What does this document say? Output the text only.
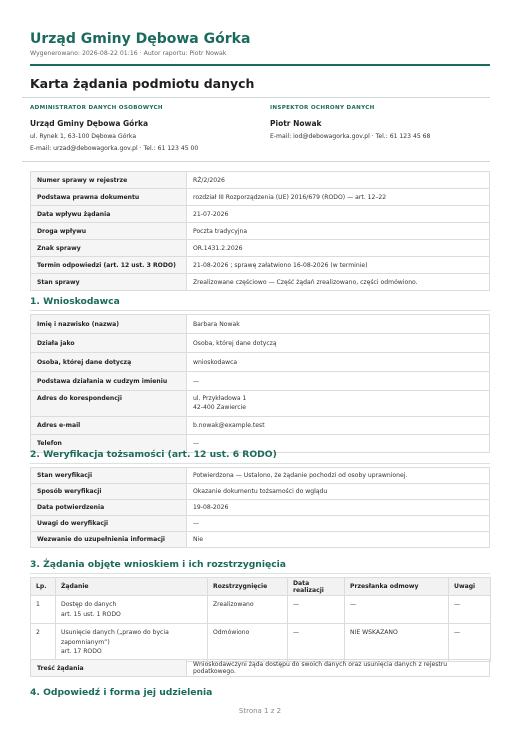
Urząd Gminy Dębowa Górka
Wygenerowano: 2026-08-22 01:16 · Autor raportu: Piotr Nowak
Karta żądania podmiotu danych
ADMINISTRATOR DANYCH OSOBOWYCH
Urząd Gminy Dębowa Górka
ul. Rynek 1, 63-100 Dębowa Górka
E-mail: urzad@debowagorka.gov.pl · Tel.: 61 123 45 00
INSPEKTOR OCHRONY DANYCH
Piotr Nowak
E-mail: iod@debowagorka.gov.pl · Tel.: 61 123 45 68
Numer sprawy w rejestrze	RŻ/2/2026
Podstawa prawna dokumentu	rozdział III Rozporządzenia (UE) 2016/679 (RODO) — art. 12–22
Data wpływu żądania	21-07-2026
Droga wpływu	Poczta tradycyjna
Znak sprawy	OR.1431.2.2026
Termin odpowiedzi (art. 12 ust. 3 RODO)	21-08-2026 ; sprawę załatwiono 16-08-2026 (w terminie)
Stan sprawy	Zrealizowane częściowo — Część żądań zrealizowano, części odmówiono.
1. Wnioskodawca
Imię i nazwisko (nazwa)	Barbara Nowak
Działa jako	Osoba, której dane dotyczą
Osoba, której dane dotyczą	wnioskodawca
Podstawa działania w cudzym imieniu	—
Adres do korespondencji	ul. Przykładowa 1
42-400 Zawiercie

Adres e-mail	b.nowak@example.test
Telefon	—
2. Weryfikacja tożsamości (art. 12 ust. 6 RODO)
Stan weryfikacji	Potwierdzona — Ustalono, że żądanie pochodzi od osoby uprawnionej.
Sposób weryfikacji	Okazanie dokumentu tożsamości do wglądu
Data potwierdzenia	19-08-2026
Uwagi do weryfikacji	—
Wezwanie do uzupełnienia informacji	Nie
3. Żądania objęte wnioskiem i ich rozstrzygnięcia
Lp.	Żądanie	Rozstrzygnięcie	Data realizacji	Przesłanka odmowy	Uwagi
1	Dostęp do danych
art. 15 ust. 1 RODO	Zrealizowano	—	—	—
2	Usunięcie danych („prawo do bycia
zapomnianym”)
art. 17 RODO	Odmówiono	—	NIE WSKAZANO	—
Treść żądania	Wnioskodawczyni żąda dostępu do swoich danych oraz usunięcia danych z rejestru podatkowego.
4. Odpowiedź i forma jej udzielenia
Strona 1 z 2
